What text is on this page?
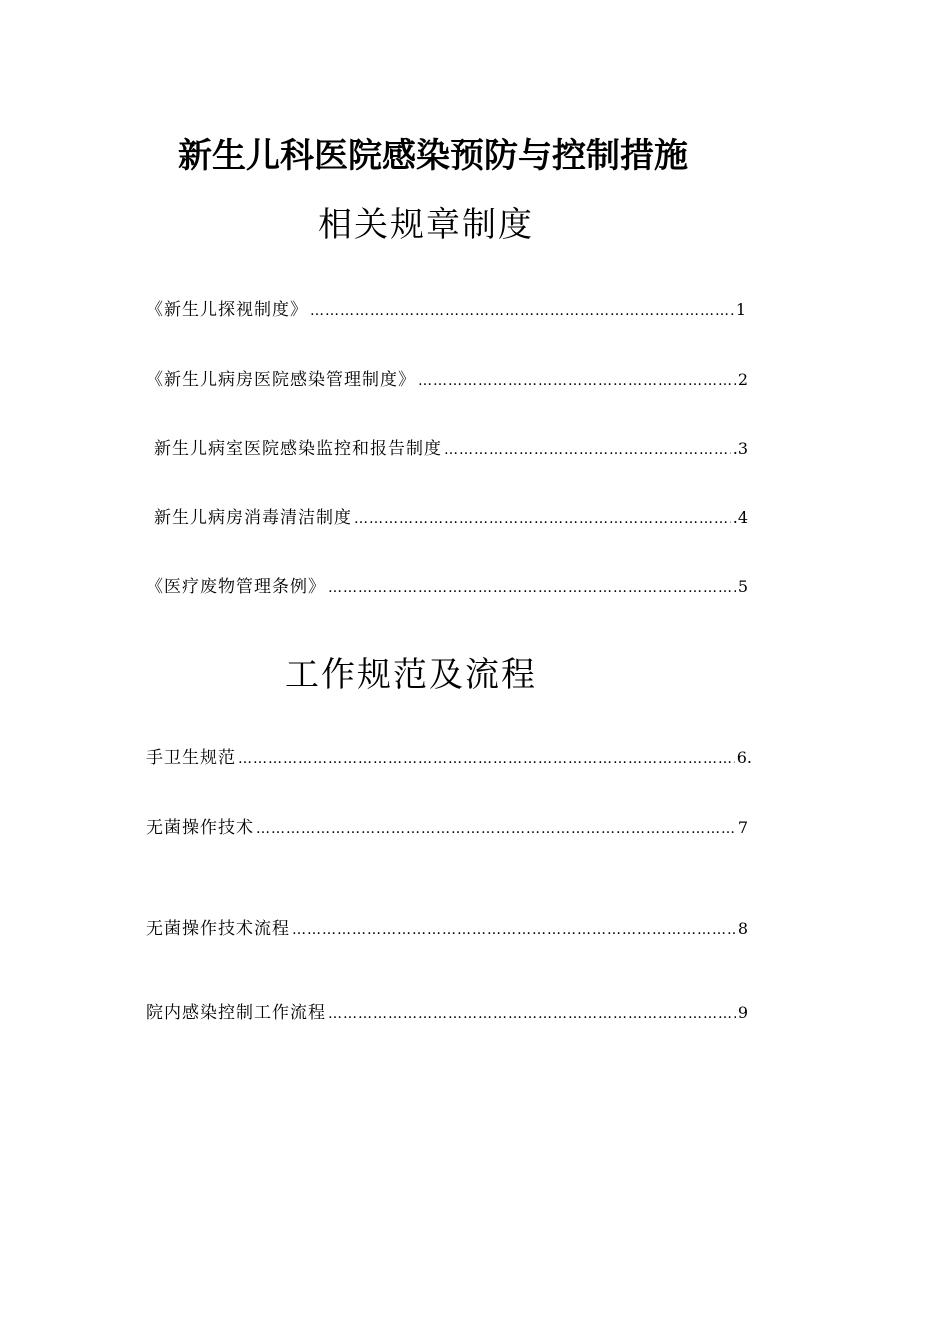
新生儿科医院感染预防与控制措施
相关规章制度
《新生儿探视制度》 …………………………………………………………………………………………………………………………………………………………………………………………………………………………	1
《新生儿病房医院感染管理制度》 …………………………………………………………………………………………………………………………………………………………………………………………………………………………	2
新生儿病室医院感染监控和报告制度 …………………………………………………………………………………………………………………………………………………………………………………………………………………………	.3
新生儿病房消毒清洁制度 …………………………………………………………………………………………………………………………………………………………………………………………………………………………	.4
《医疗废物管理条例》 …………………………………………………………………………………………………………………………………………………………………………………………………………………………	5
工作规范及流程
手卫生规范 …………………………………………………………………………………………………………………………………………………………………………………………………………………………	6.
无菌操作技术 …………………………………………………………………………………………………………………………………………………………………………………………………………………………	7
无菌操作技术流程 …………………………………………………………………………………………………………………………………………………………………………………………………………………………	8
院内感染控制工作流程 …………………………………………………………………………………………………………………………………………………………………………………………………………………………	9
